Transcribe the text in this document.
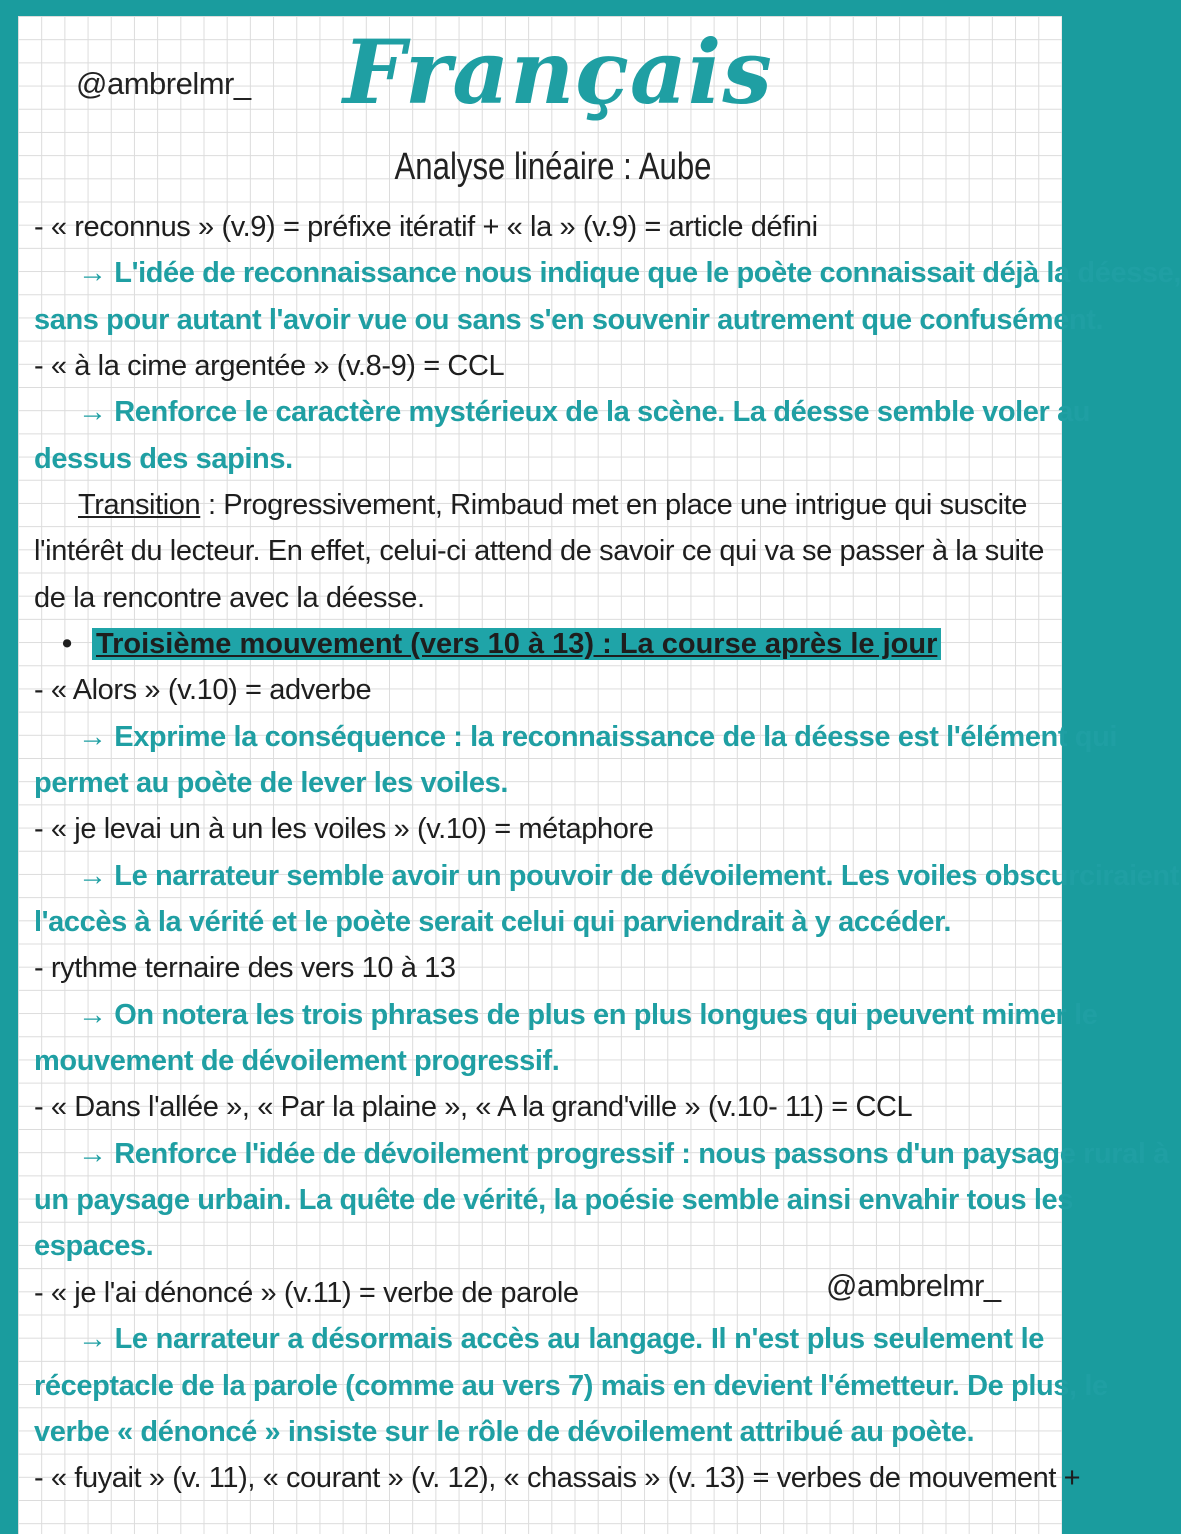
@ambrelmr_ Français
Analyse linéaire : Aube
- « reconnus » (v.9) = préfixe itératif + « la » (v.9) = article défini
→ L'idée de reconnaissance nous indique que le poète connaissait déjà la déesse,
sans pour autant l'avoir vue ou sans s'en souvenir autrement que confusément.
- « à la cime argentée » (v.8-9) = CCL
→ Renforce le caractère mystérieux de la scène. La déesse semble voler au
dessus des sapins.
Transition : Progressivement, Rimbaud met en place une intrigue qui suscite
l'intérêt du lecteur. En effet, celui-ci attend de savoir ce qui va se passer à la suite
de la rencontre avec la déesse.
• Troisième mouvement (vers 10 à 13) : La course après le jour
- « Alors » (v.10) = adverbe
→ Exprime la conséquence : la reconnaissance de la déesse est l'élément qui
permet au poète de lever les voiles.
- « je levai un à un les voiles » (v.10) = métaphore
→ Le narrateur semble avoir un pouvoir de dévoilement. Les voiles obscurciraient
l'accès à la vérité et le poète serait celui qui parviendrait à y accéder.
- rythme ternaire des vers 10 à 13
→ On notera les trois phrases de plus en plus longues qui peuvent mimer le
mouvement de dévoilement progressif.
- « Dans l'allée », « Par la plaine », « A la grand'ville » (v.10- 11) = CCL
→ Renforce l'idée de dévoilement progressif : nous passons d'un paysage rural à
un paysage urbain. La quête de vérité, la poésie semble ainsi envahir tous les
espaces.
- « je l'ai dénoncé » (v.11) = verbe de parole
→ Le narrateur a désormais accès au langage. Il n'est plus seulement le
réceptacle de la parole (comme au vers 7) mais en devient l'émetteur. De plus, le
verbe « dénoncé » insiste sur le rôle de dévoilement attribué au poète.
- « fuyait » (v. 11), « courant » (v. 12), « chassais » (v. 13) = verbes de mouvement +
@ambrelmr_
